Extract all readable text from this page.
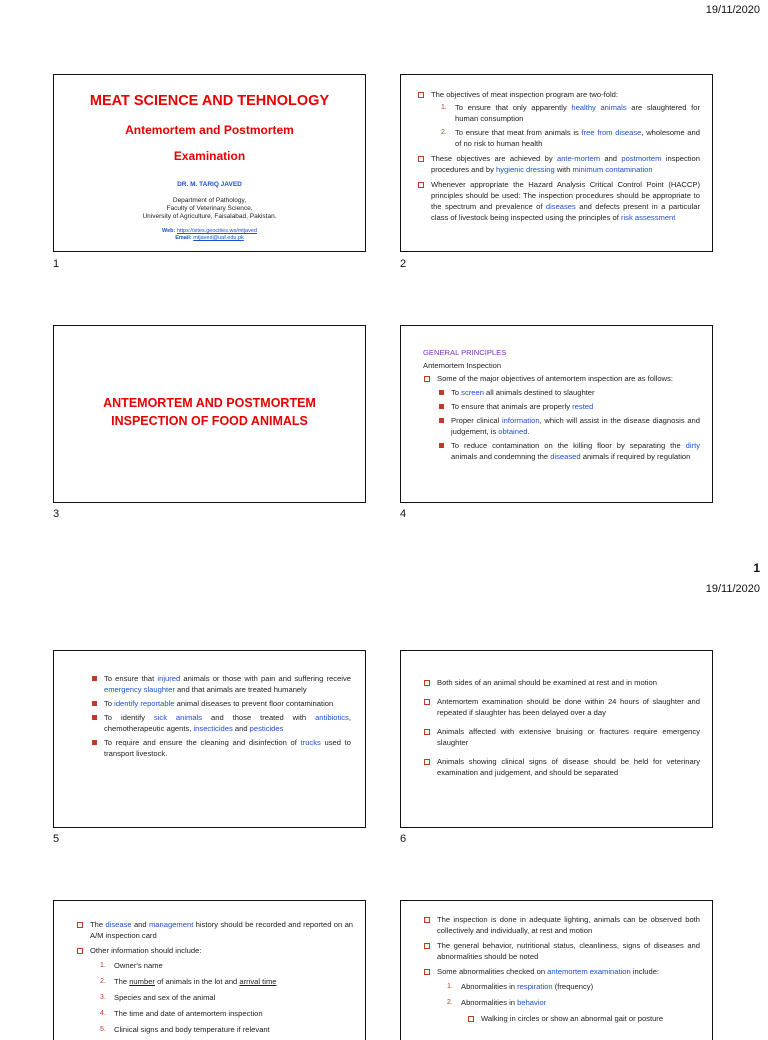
19/11/2020
MEAT SCIENCE AND TEHNOLOGY
Antemortem and Postmortem
Examination
DR. M. TARIQ JAVED
Department of Pathology,
Faculty of Veterinary Science,
University of Agriculture, Faisalabad, Pakistan.
Web: https://sites.geocities.ws/mtjaved
Email: mtjaved@uaf.edu.pk
1
The objectives of meat inspection program are two-fold:
1. To ensure that only apparently healthy animals are slaughtered for human consumption
2. To ensure that meat from animals is free from disease, wholesome and of no risk to human health
These objectives are achieved by ante-mortem and postmortem inspection procedures and by hygienic dressing with minimum contamination
Whenever appropriate the Hazard Analysis Critical Control Point (HACCP) principles should be used: The inspection procedures should be appropriate to the spectrum and prevalence of diseases and defects present in a particular class of livestock being inspected using the principles of risk assessment
2
ANTEMORTEM AND POSTMORTEM
INSPECTION OF FOOD ANIMALS
3
GENERAL PRINCIPLES
Antemortem Inspection
Some of the major objectives of antemortem inspection are as follows:
To screen all animals destined to slaughter
To ensure that animals are properly rested
Proper clinical information, which will assist in the disease diagnosis and judgement, is obtained.
To reduce contamination on the killing floor by separating the dirty animals and condemning the diseased animals if required by regulation
4
1
19/11/2020
To ensure that injured animals or those with pain and suffering receive emergency slaughter and that animals are treated humanely
To identify reportable animal diseases to prevent floor contamination
To identify sick animals and those treated with antibiotics, chemotherapeutic agents, insecticides and pesticides
To require and ensure the cleaning and disinfection of trucks used to transport livestock.
5
Both sides of an animal should be examined at rest and in motion
Antemortem examination should be done within 24 hours of slaughter and repeated if slaughter has been delayed over a day
Animals affected with extensive bruising or fractures require emergency slaughter
Animals showing clinical signs of disease should be held for veterinary examination and judgement, and should be separated
6
The disease and management history should be recorded and reported on an A/M inspection card
Other information should include:
1. Owner's name
2. The number of animals in the lot and arrival time
3. Species and sex of the animal
4. The time and date of antemortem inspection
5. Clinical signs and body temperature if relevant
The inspection is done in adequate lighting, animals can be observed both collectively and individually, at rest and motion
The general behavior, nutritional status, cleanliness, signs of diseases and abnormalities should be noted
Some abnormalities checked on antemortem examination include:
1. Abnormalities in respiration (frequency)
2. Abnormalities in behavior
Walking in circles or show an abnormal gait or posture
